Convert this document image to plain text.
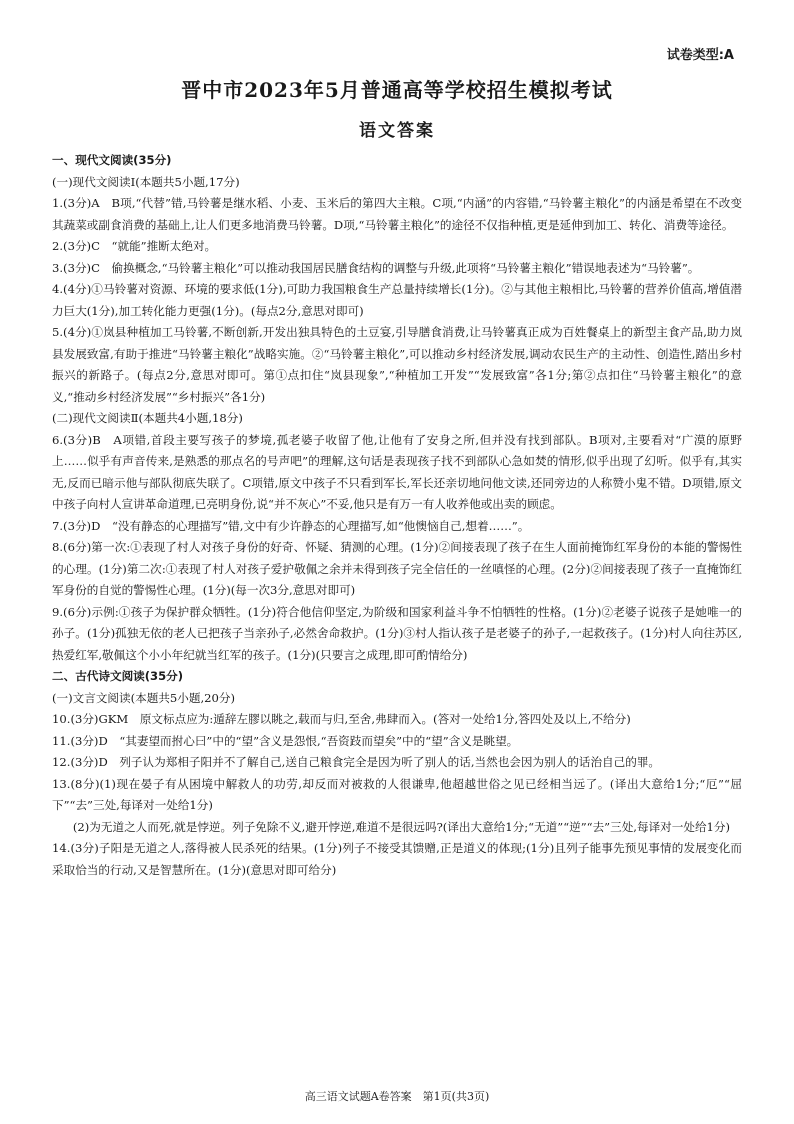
试卷类型:A
晋中市2023年5月普通高等学校招生模拟考试
语文答案
一、现代文阅读(35分)
(一)现代文阅读Ⅰ(本题共5小题,17分)

1.(3分)A　B项,“代替”错,马铃薯是继水稻、小麦、玉米后的第四大主粮。C项,“内涵”的内容错,“马铃薯主粮化”的内涵是希望在不改变其蔬菜或副食消费的基础上,让人们更多地消费马铃薯。D项,“马铃薯主粮化”的途径不仅指种植,更是延伸到加工、转化、消费等途径。

2.(3分)C　“就能”推断太绝对。

3.(3分)C　偷换概念,“马铃薯主粮化”可以推动我国居民膳食结构的调整与升级,此项将“马铃薯主粮化”错误地表述为“马铃薯”。

4.(4分)①马铃薯对资源、环境的要求低(1分),可助力我国粮食生产总量持续增长(1分)。②与其他主粮相比,马铃薯的营养价值高,增值潜力巨大(1分),加工转化能力更强(1分)。(每点2分,意思对即可)

5.(4分)①岚县种植加工马铃薯,不断创新,开发出独具特色的土豆宴,引导膳食消费,让马铃薯真正成为百姓餐桌上的新型主食产品,助力岚县发展致富,有助于推进“马铃薯主粮化”战略实施。②“马铃薯主粮化”,可以推动乡村经济发展,调动农民生产的主动性、创造性,踏出乡村振兴的新路子。(每点2分,意思对即可。第①点扣住“岚县现象”,“种植加工开发”“发展致富”各1分;第②点扣住“马铃薯主粮化”的意义,“推动乡村经济发展”“乡村振兴”各1分)

(二)现代文阅读Ⅱ(本题共4小题,18分)

6.(3分)B　A项错,首段主要写孩子的梦境,孤老婆子收留了他,让他有了安身之所,但并没有找到部队。B项对,主要看对“广漠的原野上……似乎有声音传来,是熟悉的那点名的号声吧”的理解,这句话是表现孩子找不到部队心急如焚的情形,似乎出现了幻听。似乎有,其实无,反而已暗示他与部队彻底失联了。C项错,原文中孩子不只看到军长,军长还亲切地问他文读,还同旁边的人称赞小鬼不错。D项错,原文中孩子向村人宣讲革命道理,已亮明身份,说“并不灰心”不妥,他只是有万一有人收养他或出卖的顾虑。

7.(3分)D　“没有静态的心理描写”错,文中有少许静态的心理描写,如“他懊恼自己,想着……”。

8.(6分)第一次:①表现了村人对孩子身份的好奇、怀疑、猜测的心理。(1分)②间接表现了孩子在生人面前掩饰红军身份的本能的警惕性的心理。(1分)第二次:①表现了村人对孩子爱护敬佩之余并未得到孩子完全信任的一丝嗔怪的心理。(2分)②间接表现了孩子一直掩饰红军身份的自觉的警惕性心理。(1分)(每一次3分,意思对即可)

9.(6分)示例:①孩子为保护群众牺牲。(1分)符合他信仰坚定,为阶级和国家利益斗争不怕牺牲的性格。(1分)②老婆子说孩子是她唯一的孙子。(1分)孤独无依的老人已把孩子当亲孙子,必然舍命救护。(1分)③村人指认孩子是老婆子的孙子,一起救孩子。(1分)村人向往苏区,热爱红军,敬佩这个小小年纪就当红军的孩子。(1分)(只要言之成理,即可酌情给分)

二、古代诗文阅读(35分)
(一)文言文阅读(本题共5小题,20分)

10.(3分)GKM　原文标点应为:遁辞左膠以眺之,载而与归,至舍,弗肆而入。(答对一处给1分,答四处及以上,不给分)

11.(3分)D　“其妻望而拊心曰”中的“望”含义是怨恨,“吾资跂而望矣”中的“望”含义是眺望。

12.(3分)D　列子认为郑相子阳并不了解自己,送自己粮食完全是因为听了别人的话,当然也会因为别人的话治自己的罪。

13.(8分)(1)现在晏子有从困境中解救人的功劳,却反而对被救的人很谦卑,他超越世俗之见已经相当远了。(译出大意给1分;“厄”“屈下”“去”三处,每译对一处给1分)

(2)为无道之人而死,就是悖逆。列子免除不义,避开悖逆,难道不是很远吗?(译出大意给1分;“无道”“逆”“去”三处,每译对一处给1分)

14.(3分)子阳是无道之人,落得被人民杀死的结果。(1分)列子不接受其馈赠,正是道义的体现;(1分)且列子能事先预见事情的发展变化而采取恰当的行动,又是智慧所在。(1分)(意思对即可给分)

高三语文试题A卷答案　第1页(共3页)
